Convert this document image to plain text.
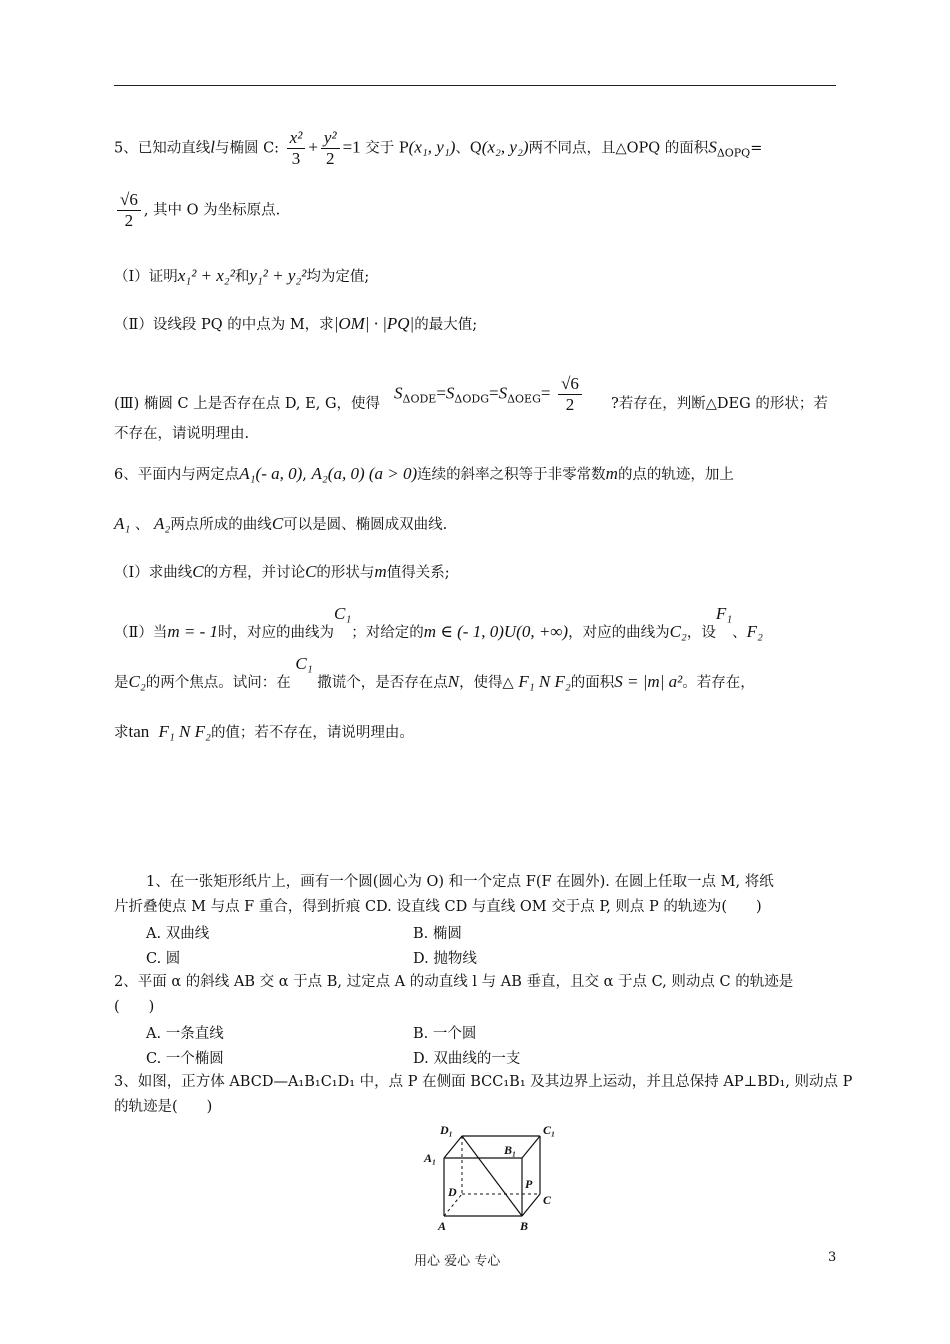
5、已知动直线l与椭圆 C: $\frac{\text{x²}}{3} + \frac{\text{y²}}{2} =1$ 交于 P(x₁, y₁)、Q(x₂, y₂)两不同点，且△OPQ 的面积$S_{\Delta OPQ}=$
$\frac{√6}{2}$ , 其中 O 为坐标原点.
（Ⅰ）证明x₁² + x₂²和y₁² + y₂²均为定值;
（Ⅱ）设线段 PQ 的中点为 M，求|OM| · |PQ|的最大值;
$S_{\Delta ODE}=S_{\Delta ODG}=S_{\Delta OEG}= \frac{√6}{2}$
(Ⅲ) 椭圆 C 上是否存在点 D, E, G，使得	?若存在，判断△DEG 的形状；若
不存在，请说明理由.
6、平面内与两定点A₁(- a, 0), A₂(a, 0) (a > 0)连续的斜率之积等于非零常数m的点的轨迹，加上
A₁ 、 A₂两点所成的曲线C可以是圆、椭圆成双曲线.
（Ⅰ）求曲线C的方程，并讨论C的形状与m值得关系;
（Ⅱ）当m = - 1时，对应的曲线为C₁；对给定的m ∈ (- 1, 0)U(0, +∞)，对应的曲线为C₂，设F₁、F₂
是C₂的两个焦点。试问：在 C₁ 撒谎个，是否存在点N，使得△ F₁ N F₂的面积S = |m| a²。若存在，
求tan F₁ N F₂的值；若不存在，请说明理由。
1、在一张矩形纸片上，画有一个圆(圆心为 O) 和一个定点 F(F 在圆外). 在圆上任取一点 M, 将纸
片折叠使点 M 与点 F 重合，得到折痕 CD. 设直线 CD 与直线 OM 交于点 P, 则点 P 的轨迹为(　　)
A. 双曲线	B. 椭圆
C. 圆	D. 抛物线
2、平面 α 的斜线 AB 交 α 于点 B, 过定点 A 的动直线 l 与 AB 垂直，且交 α 于点 C, 则动点 C 的轨迹是
(　　)
A. 一条直线	B. 一个圆
C. 一个椭圆	D. 双曲线的一支
3、如图，正方体 ABCD—A₁B₁C₁D₁ 中，点 P 在侧面 BCC₁B₁ 及其边界上运动，并且总保持 AP⊥BD₁, 则动点 P
的轨迹是(　　)
D₁	C₁
B₁
A₁
D
P
C
A	B
用心 爱心 专心	3
